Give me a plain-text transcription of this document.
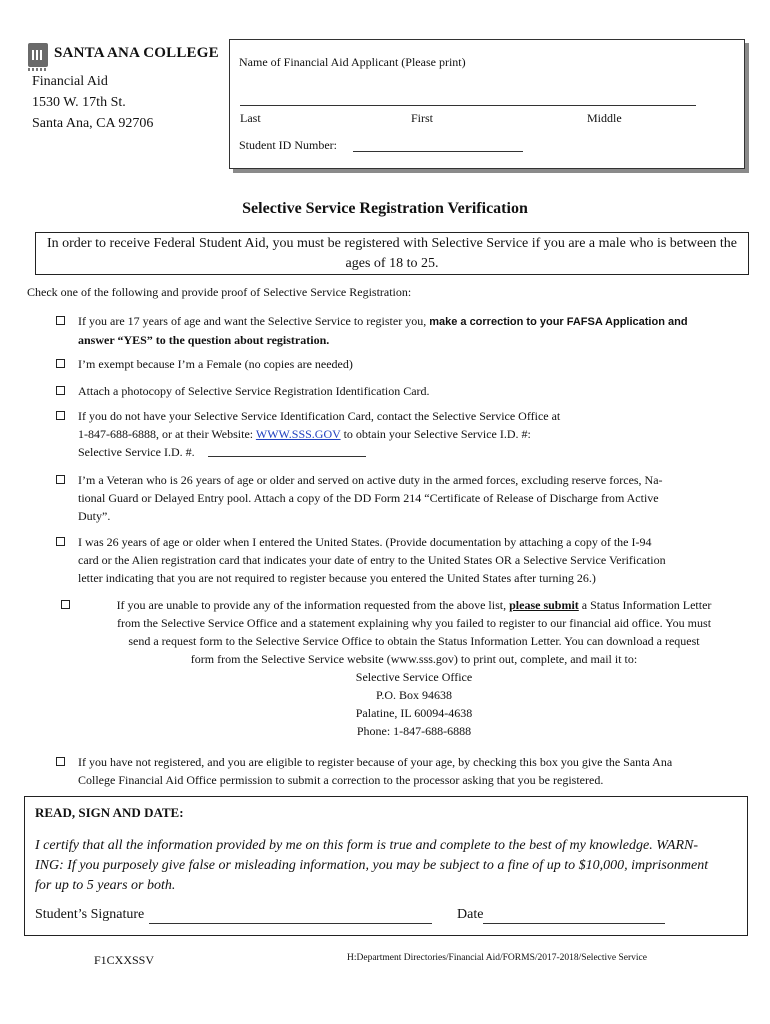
SANTA ANA COLLEGE
Financial Aid
1530 W. 17th St.
Santa Ana, CA 92706
Name of Financial Aid Applicant (Please print)
Last	First	Middle
Student ID Number:
Selective Service Registration Verification
In order to receive Federal Student Aid, you must be registered with Selective Service if you are a male who is between the ages of 18 to 25.
Check one of the following and provide proof of Selective Service Registration:
If you are 17 years of age and want the Selective Service to register you, make a correction to your FAFSA Application and
answer “YES” to the question about registration.
I’m exempt because I’m a Female (no copies are needed)
Attach a photocopy of Selective Service Registration Identification Card.
If you do not have your Selective Service Identification Card, contact the Selective Service Office at
1-847-688-6888, or at their Website: WWW.SSS.GOV to obtain your Selective Service I.D. #:
Selective Service I.D. #.
I’m a Veteran who is 26 years of age or older and served on active duty in the armed forces, excluding reserve forces, Na-
tional Guard or Delayed Entry pool. Attach a copy of the DD Form 214 “Certificate of Release of Discharge from Active
Duty”.
I was 26 years of age or older when I entered the United States. (Provide documentation by attaching a copy of the I-94
card or the Alien registration card that indicates your date of entry to the United States OR a Selective Service Verification
letter indicating that you are not required to register because you entered the United States after turning 26.)
If you are unable to provide any of the information requested from the above list, please submit a Status Information Letter
from the Selective Service Office and a statement explaining why you failed to register to our financial aid office. You must
send a request form to the Selective Service Office to obtain the Status Information Letter. You can download a request
form from the Selective Service website (www.sss.gov) to print out, complete, and mail it to:
Selective Service Office
P.O. Box 94638
Palatine, IL 60094-4638
Phone: 1-847-688-6888
If you have not registered, and you are eligible to register because of your age, by checking this box you give the Santa Ana
College Financial Aid Office permission to submit a correction to the processor asking that you be registered.
READ, SIGN AND DATE:
I certify that all the information provided by me on this form is true and complete to the best of my knowledge. WARN-
ING: If you purposely give false or misleading information, you may be subject to a fine of up to $10,000, imprisonment
for up to 5 years or both.
Student’s Signature	Date
F1CXXSSV	H:Department Directories/Financial Aid/FORMS/2017-2018/Selective Service
